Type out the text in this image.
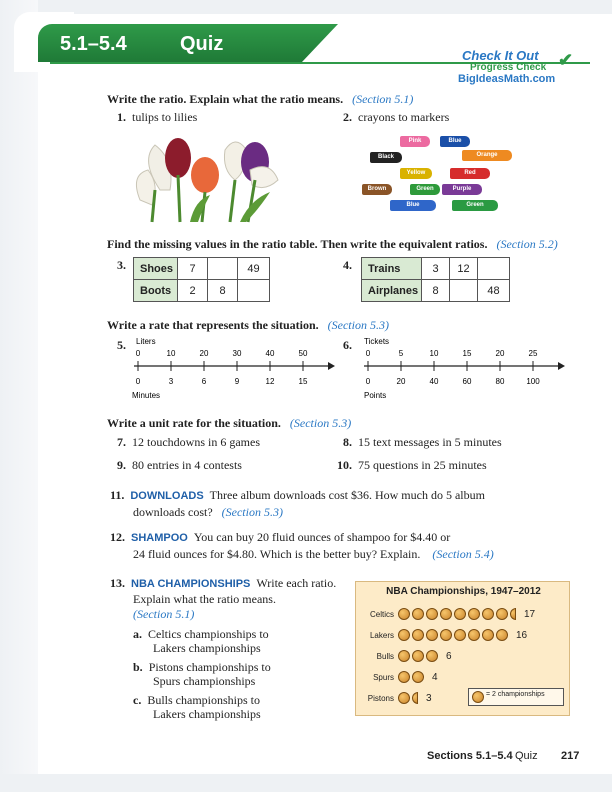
5.1–5.4	Quiz
Check It Out
Progress Check
BigIdeasMath.com
✔
Write the ratio. Explain what the ratio means. (Section 5.1)
1. tulips to lilies	2. crayons to markers
Pink	Blue
Black
Yellow
Orange
Red
Purple
Green
Blue	Green
Brown
Find the missing values in the ratio table. Then write the equivalent ratios. (Section 5.2)
3. Shoes	7		49
Boots	2	8	
4. Trains	3	12	
Airplanes	8		48
Write a rate that represents the situation. (Section 5.3)
5.	6.
Liters
0	10	20	30	40	50
0	3	6	9	12	15
Minutes
Tickets
0	5	10	15	20	25
0	20	40	60	80	100
Points
Write a unit rate for the situation. (Section 5.3)
7. 12 touchdowns in 6 games	8. 15 text messages in 5 minutes
9. 80 entries in 4 contests	10. 75 questions in 25 minutes
11. DOWNLOADS Three album downloads cost $36. How much do 5 album
downloads cost? (Section 5.3)
12. SHAMPOO You can buy 20 fluid ounces of shampoo for $4.40 or
24 fluid ounces for $4.80. Which is the better buy? Explain. (Section 5.4)
13. NBA CHAMPIONSHIPS Write each ratio.
Explain what the ratio means.
(Section 5.1)
a. Celtics championships to
Lakers championships
b. Pistons championships to
Spurs championships
c. Bulls championships to
Lakers championships
NBA Championships, 1947–2012
Celtics	17
Lakers	16
Bulls	6
Spurs	4
Pistons	3	= 2 championships
Sections 5.1–5.4 Quiz 217
